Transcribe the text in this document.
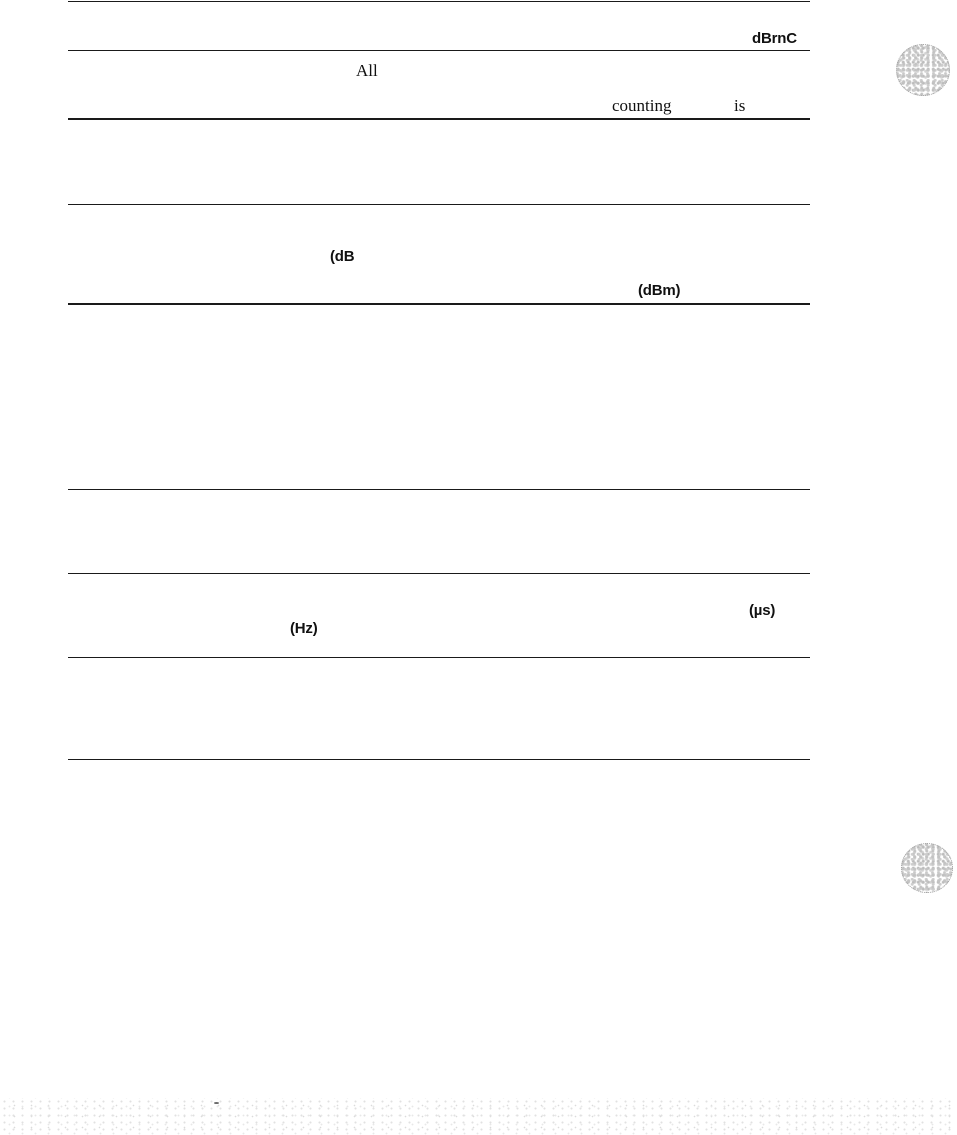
dBrnC
All
counting	is
(dB
(dBm)
(µs)
(Hz)
